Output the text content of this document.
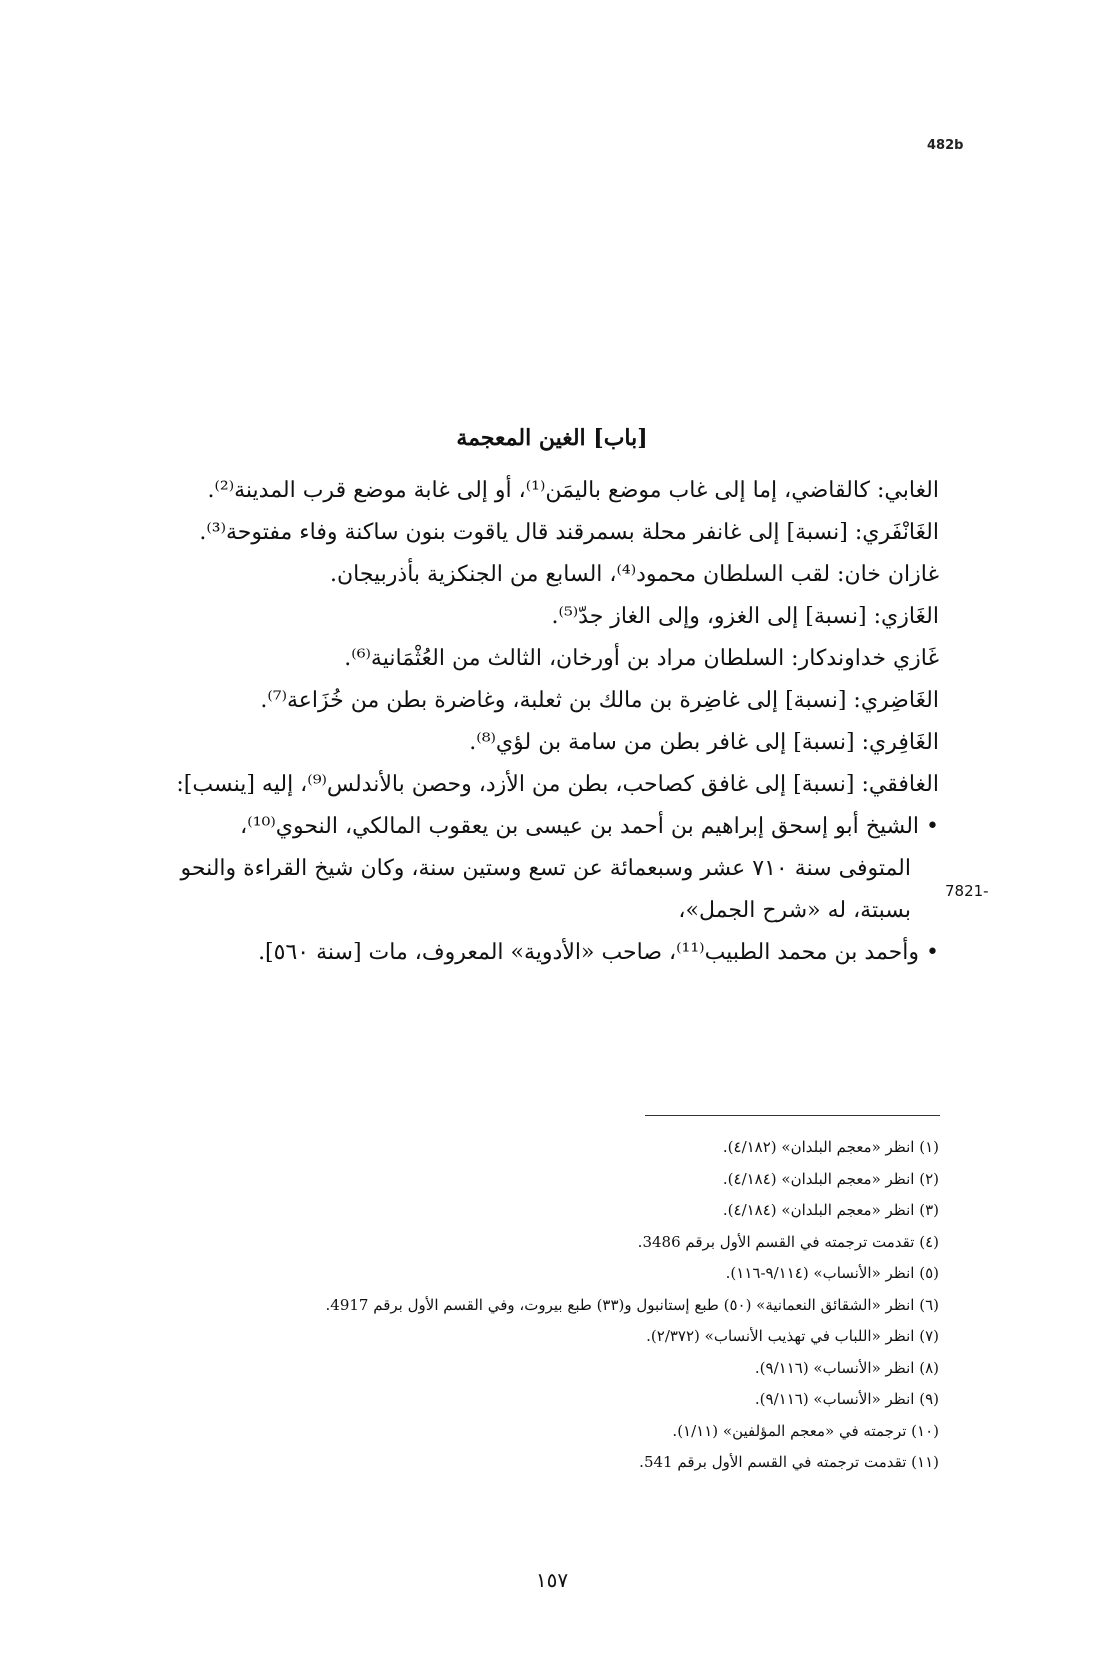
482b
[باب] الغين المعجمة

الغابي: كالقاضي، إما إلى غاب موضع باليمَن⁽¹⁾، أو إلى غابة موضع قرب المدينة⁽²⁾.

الغَانْفَري: [نسبة] إلى غانفر محلة بسمرقند قال ياقوت بنون ساكنة وفاء مفتوحة⁽³⁾.

غازان خان: لقب السلطان محمود⁽⁴⁾، السابع من الجنكزية بأذربيجان.

الغَازي: [نسبة] إلى الغزو، وإلى الغاز جدّ⁽⁵⁾.

غَازي خداوندكار: السلطان مراد بن أورخان، الثالث من العُثْمَانية⁽⁶⁾.

الغَاضِري: [نسبة] إلى غاضِرة بن مالك بن ثعلبة، وغاضرة بطن من خُزَاعة⁽⁷⁾.

الغَافِري: [نسبة] إلى غافر بطن من سامة بن لؤي⁽⁸⁾.

الغافقي: [نسبة] إلى غافق كصاحب، بطن من الأزد، وحصن بالأندلس⁽⁹⁾، إليه [ينسب]:

• الشيخ أبو إسحق إبراهيم بن أحمد بن عيسى بن يعقوب المالكي، النحوي⁽¹⁰⁾،

المتوفى سنة ٧١٠ عشر وسبعمائة عن تسع وستين سنة، وكان شيخ القراءة والنحو بسبتة، له «شرح الجمل»،

• وأحمد بن محمد الطبيب⁽¹¹⁾، صاحب «الأدوية» المعروف، مات [سنة ٥٦٠].

7821-
(١) انظر «معجم البلدان» (٤/١٨٢).
(٢) انظر «معجم البلدان» (٤/١٨٤).
(٣) انظر «معجم البلدان» (٤/١٨٤).
(٤) تقدمت ترجمته في القسم الأول برقم 3486.
(٥) انظر «الأنساب» (٩/١١٤-١١٦).
(٦) انظر «الشقائق النعمانية» (٥٠) طبع إستانبول و(٣٣) طبع بيروت، وفي القسم الأول برقم 4917.
(٧) انظر «اللباب في تهذيب الأنساب» (٢/٣٧٢).
(٨) انظر «الأنساب» (٩/١١٦).
(٩) انظر «الأنساب» (٩/١١٦).
(١٠) ترجمته في «معجم المؤلفين» (١/١١).
(١١) تقدمت ترجمته في القسم الأول برقم 541.
١٥٧
